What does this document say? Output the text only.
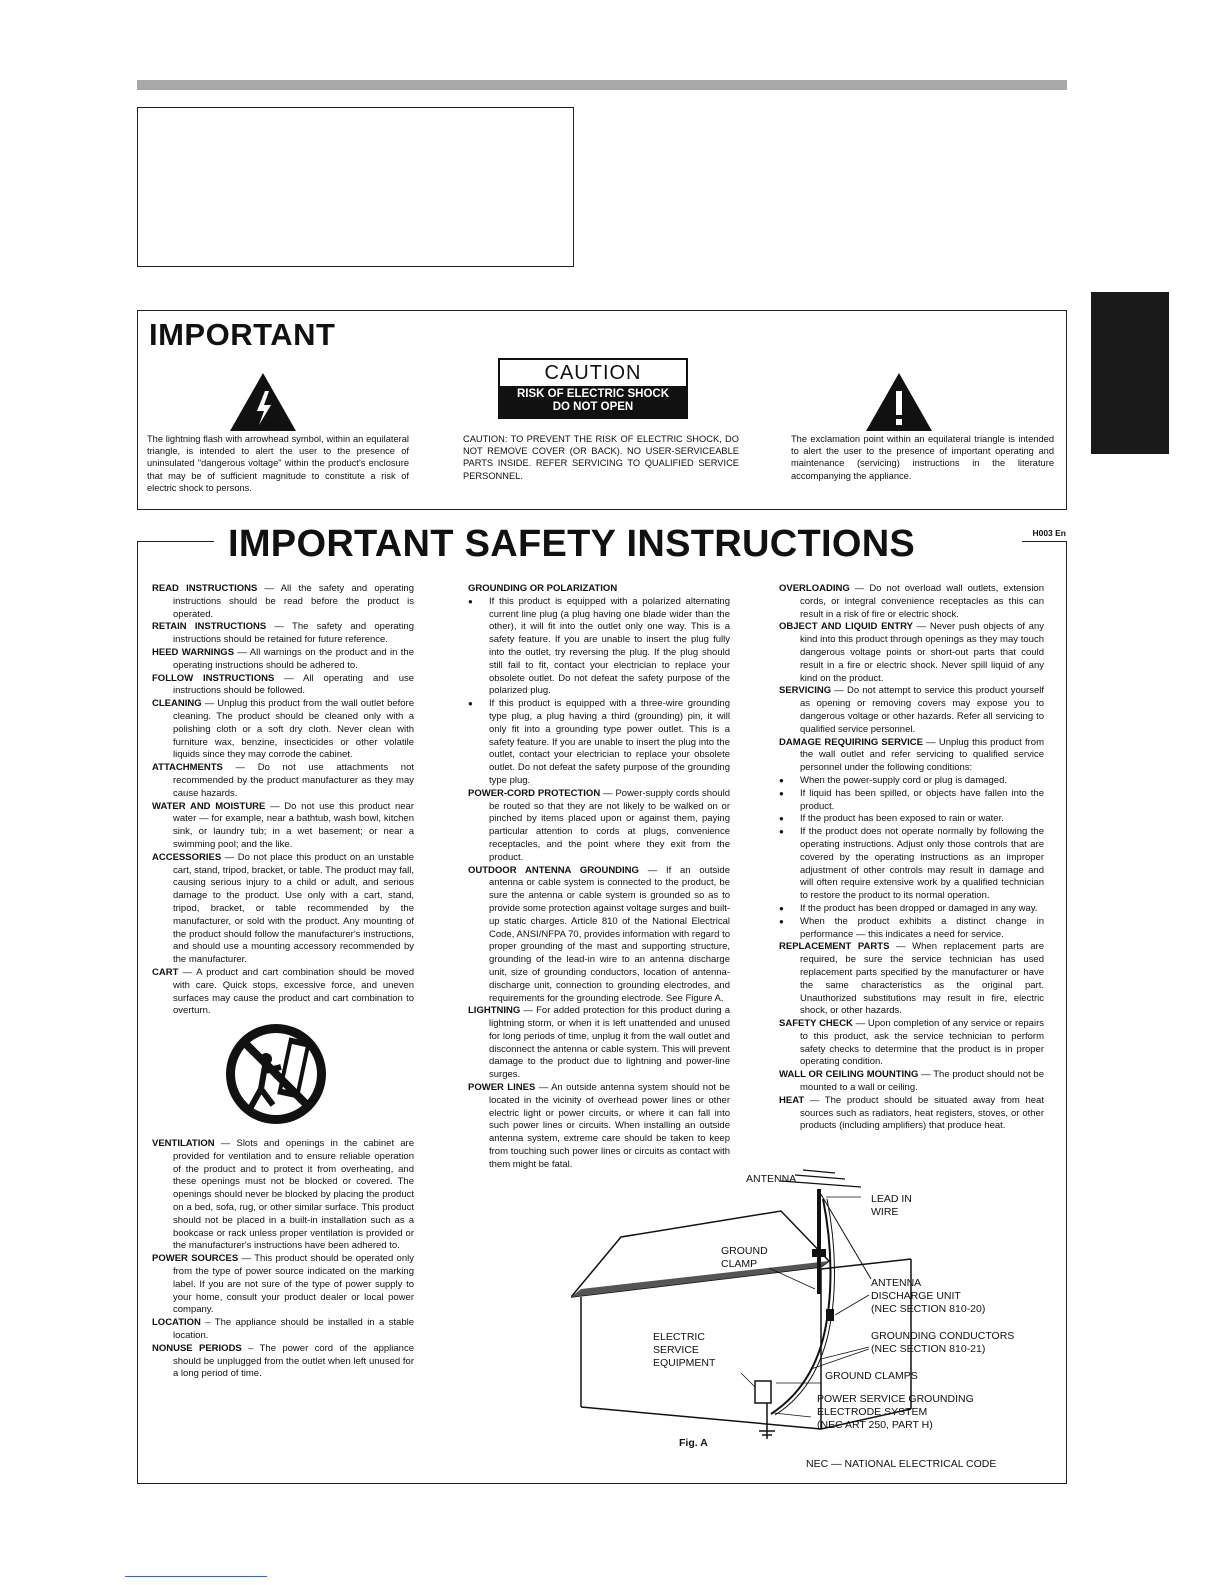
IMPORTANT
CAUTION
RISK OF ELECTRIC SHOCK
DO NOT OPEN
The lightning flash with arrowhead symbol, within an equilateral triangle, is intended to alert the user to the presence of uninsulated "dangerous voltage" within the product's enclosure that may be of sufficient magnitude to constitute a risk of electric shock to persons.
CAUTION: TO PREVENT THE RISK OF ELECTRIC SHOCK, DO NOT REMOVE COVER (OR BACK). NO USER-SERVICEABLE PARTS INSIDE. REFER SERVICING TO QUALIFIED SERVICE PERSONNEL.
The exclamation point within an equilateral triangle is intended to alert the user to the presence of important operating and maintenance (servicing) instructions in the literature accompanying the appliance.
IMPORTANT SAFETY INSTRUCTIONS	H003 En

READ INSTRUCTIONS — All the safety and operating instructions should be read before the product is operated.

RETAIN INSTRUCTIONS — The safety and operating instructions should be retained for future reference.

HEED WARNINGS — All warnings on the product and in the operating instructions should be adhered to.

FOLLOW INSTRUCTIONS — All operating and use instructions should be followed.

CLEANING — Unplug this product from the wall outlet before cleaning. The product should be cleaned only with a polishing cloth or a soft dry cloth. Never clean with furniture wax, benzine, insecticides or other volatile liquids since they may corrode the cabinet.

ATTACHMENTS — Do not use attachments not recommended by the product manufacturer as they may cause hazards.

WATER AND MOISTURE — Do not use this product near water — for example, near a bathtub, wash bowl, kitchen sink, or laundry tub; in a wet basement; or near a swimming pool; and the like.

ACCESSORIES — Do not place this product on an unstable cart, stand, tripod, bracket, or table. The product may fall, causing serious injury to a child or adult, and serious damage to the product. Use only with a cart, stand, tripod, bracket, or table recommended by the manufacturer, or sold with the product. Any mounting of the product should follow the manufacturer's instructions, and should use a mounting accessory recommended by the manufacturer.

CART — A product and cart combination should be moved with care. Quick stops, excessive force, and uneven surfaces may cause the product and cart combination to overturn.

VENTILATION — Slots and openings in the cabinet are provided for ventilation and to ensure reliable operation of the product and to protect it from overheating, and these openings must not be blocked or covered. The openings should never be blocked by placing the product on a bed, sofa, rug, or other similar surface. This product should not be placed in a built-in installation such as a bookcase or rack unless proper ventilation is provided or the manufacturer's instructions have been adhered to.

POWER SOURCES — This product should be operated only from the type of power source indicated on the marking label. If you are not sure of the type of power supply to your home, consult your product dealer or local power company.

LOCATION – The appliance should be installed in a stable location.

NONUSE PERIODS – The power cord of the appliance should be unplugged from the outlet when left unused for a long period of time.

GROUNDING OR POLARIZATION

● If this product is equipped with a polarized alternating current line plug (a plug having one blade wider than the other), it will fit into the outlet only one way. This is a safety feature. If you are unable to insert the plug fully into the outlet, try reversing the plug. If the plug should still fail to fit, contact your electrician to replace your obsolete outlet. Do not defeat the safety purpose of the polarized plug.

● If this product is equipped with a three-wire grounding type plug, a plug having a third (grounding) pin, it will only fit into a grounding type power outlet. This is a safety feature. If you are unable to insert the plug into the outlet, contact your electrician to replace your obsolete outlet. Do not defeat the safety purpose of the grounding type plug.

POWER-CORD PROTECTION — Power-supply cords should be routed so that they are not likely to be walked on or pinched by items placed upon or against them, paying particular attention to cords at plugs, convenience receptacles, and the point where they exit from the product.

OUTDOOR ANTENNA GROUNDING — If an outside antenna or cable system is connected to the product, be sure the antenna or cable system is grounded so as to provide some protection against voltage surges and built-up static charges. Article 810 of the National Electrical Code, ANSI/NFPA 70, provides information with regard to proper grounding of the mast and supporting structure, grounding of the lead-in wire to an antenna discharge unit, size of grounding conductors, location of antenna-discharge unit, connection to grounding electrodes, and requirements for the grounding electrode. See Figure A.

LIGHTNING — For added protection for this product during a lightning storm, or when it is left unattended and unused for long periods of time, unplug it from the wall outlet and disconnect the antenna or cable system. This will prevent damage to the product due to lightning and power-line surges.

POWER LINES — An outside antenna system should not be located in the vicinity of overhead power lines or other electric light or power circuits, or where it can fall into such power lines or circuits. When installing an outside antenna system, extreme care should be taken to keep from touching such power lines or circuits as contact with them might be fatal.

OVERLOADING — Do not overload wall outlets, extension cords, or integral convenience receptacles as this can result in a risk of fire or electric shock.

OBJECT AND LIQUID ENTRY — Never push objects of any kind into this product through openings as they may touch dangerous voltage points or short-out parts that could result in a fire or electric shock. Never spill liquid of any kind on the product.

SERVICING — Do not attempt to service this product yourself as opening or removing covers may expose you to dangerous voltage or other hazards. Refer all servicing to qualified service personnel.

DAMAGE REQUIRING SERVICE — Unplug this product from the wall outlet and refer servicing to qualified service personnel under the following conditions:

● When the power-supply cord or plug is damaged.

● If liquid has been spilled, or objects have fallen into the product.

● If the product has been exposed to rain or water.

● If the product does not operate normally by following the operating instructions. Adjust only those controls that are covered by the operating instructions as an improper adjustment of other controls may result in damage and will often require extensive work by a qualified technician to restore the product to its normal operation.

● If the product has been dropped or damaged in any way.

● When the product exhibits a distinct change in performance — this indicates a need for service.

REPLACEMENT PARTS — When replacement parts are required, be sure the service technician has used replacement parts specified by the manufacturer or have the same characteristics as the original part. Unauthorized substitutions may result in fire, electric shock, or other hazards.

SAFETY CHECK — Upon completion of any service or repairs to this product, ask the service technician to perform safety checks to determine that the product is in proper operating condition.

WALL OR CEILING MOUNTING — The product should not be mounted to a wall or ceiling.

HEAT — The product should be situated away from heat sources such as radiators, heat registers, stoves, or other products (including amplifiers) that produce heat.

ANTENNA
LEAD IN
WIRE
GROUND
CLAMP
ANTENNA
DISCHARGE UNIT
(NEC SECTION 810-20)
GROUNDING CONDUCTORS
(NEC SECTION 810-21)
ELECTRIC
SERVICE
EQUIPMENT
GROUND CLAMPS
POWER SERVICE GROUNDING
ELECTRODE SYSTEM
(NEC ART 250, PART H)
Fig. A
NEC — NATIONAL ELECTRICAL CODE
